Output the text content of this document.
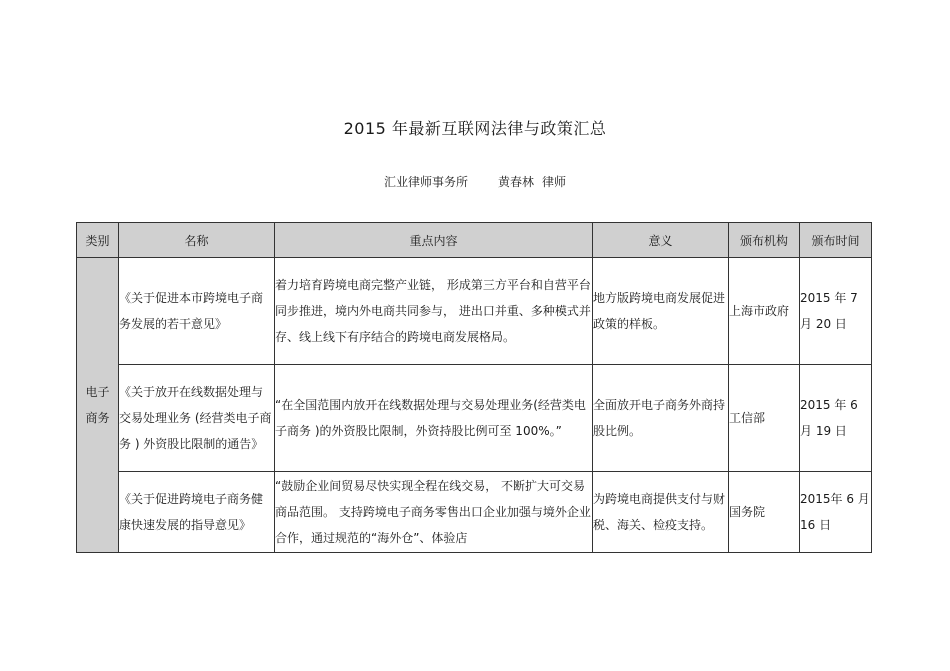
2015 年最新互联网法律与政策汇总
汇业律师事务所	黄春林 律师
类别	名称	重点内容	意义	颁布机构	颁布时间
电子商务	《关于促进本市跨境电子商务发展的若干意见》	着力培育跨境电商完整产业链， 形成第三方平台和自营平台同步推进，境内外电商共同参与， 进出口并重、多种模式并存、线上线下有序结合的跨境电商发展格局。	地方版跨境电商发展促进政策的样板。	上海市政府	2015 年 7 月 20 日
	《关于放开在线数据处理与交易处理业务 (经营类电子商务 ) 外资股比限制的通告》	“在全国范围内放开在线数据处理与交易处理业务(经营类电子商务 )的外资股比限制，外资持股比例可至 100%。”	全面放开电子商务外商持股比例。	工信部	2015 年 6 月 19 日
	《关于促进跨境电子商务健康快速发展的指导意见》	“鼓励企业间贸易尽快实现全程在线交易， 不断扩大可交易商品范围。 支持跨境电子商务零售出口企业加强与境外企业合作，通过规范的“海外仓”、体验店	为跨境电商提供支付与财税、海关、检疫支持。	国务院	2015年 6 月 16 日
